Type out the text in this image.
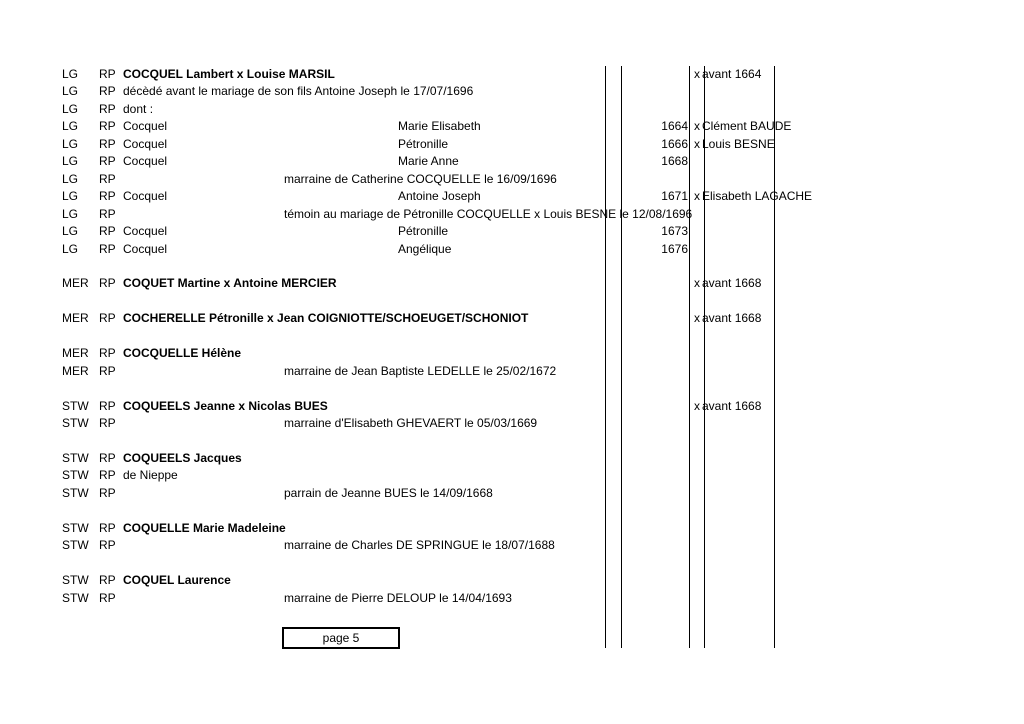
LG RP COCQUEL Lambert x Louise MARSIL	x avant 1664
LG RP décèdé avant le mariage de son fils Antoine Joseph le 17/07/1696
LG RP dont :
LG RP Cocquel	Marie Elisabeth	1664 x Clément BAUDE
LG RP Cocquel	Pétronille	1666 x Louis BESNE
LG RP Cocquel	Marie Anne	1668
LG RP	marraine de Catherine COCQUELLE le 16/09/1696
LG RP Cocquel	Antoine Joseph	1671 x Elisabeth LAGACHE
LG RP	témoin au mariage de Pétronille COCQUELLE x Louis BESNE le 12/08/1696
LG RP Cocquel	Pétronille	1673
LG RP Cocquel	Angélique	1676
MER RP COQUET Martine x Antoine MERCIER	x avant 1668
MER RP COCHERELLE Pétronille x Jean COIGNIOTTE/SCHOEUGET/SCHONIOT	x avant 1668
MER RP COCQUELLE Hélène
MER RP	marraine de Jean Baptiste LEDELLE le 25/02/1672
STW RP COQUEELS Jeanne x Nicolas BUES	x avant 1668
STW RP	marraine d'Elisabeth GHEVAERT le 05/03/1669
STW RP COQUEELS Jacques
STW RP de Nieppe
STW RP	parrain de Jeanne BUES le 14/09/1668
STW RP COQUELLE Marie Madeleine
STW RP	marraine de Charles DE SPRINGUE le 18/07/1688
STW RP COQUEL Laurence
STW RP	marraine de Pierre DELOUP le 14/04/1693
page 5
